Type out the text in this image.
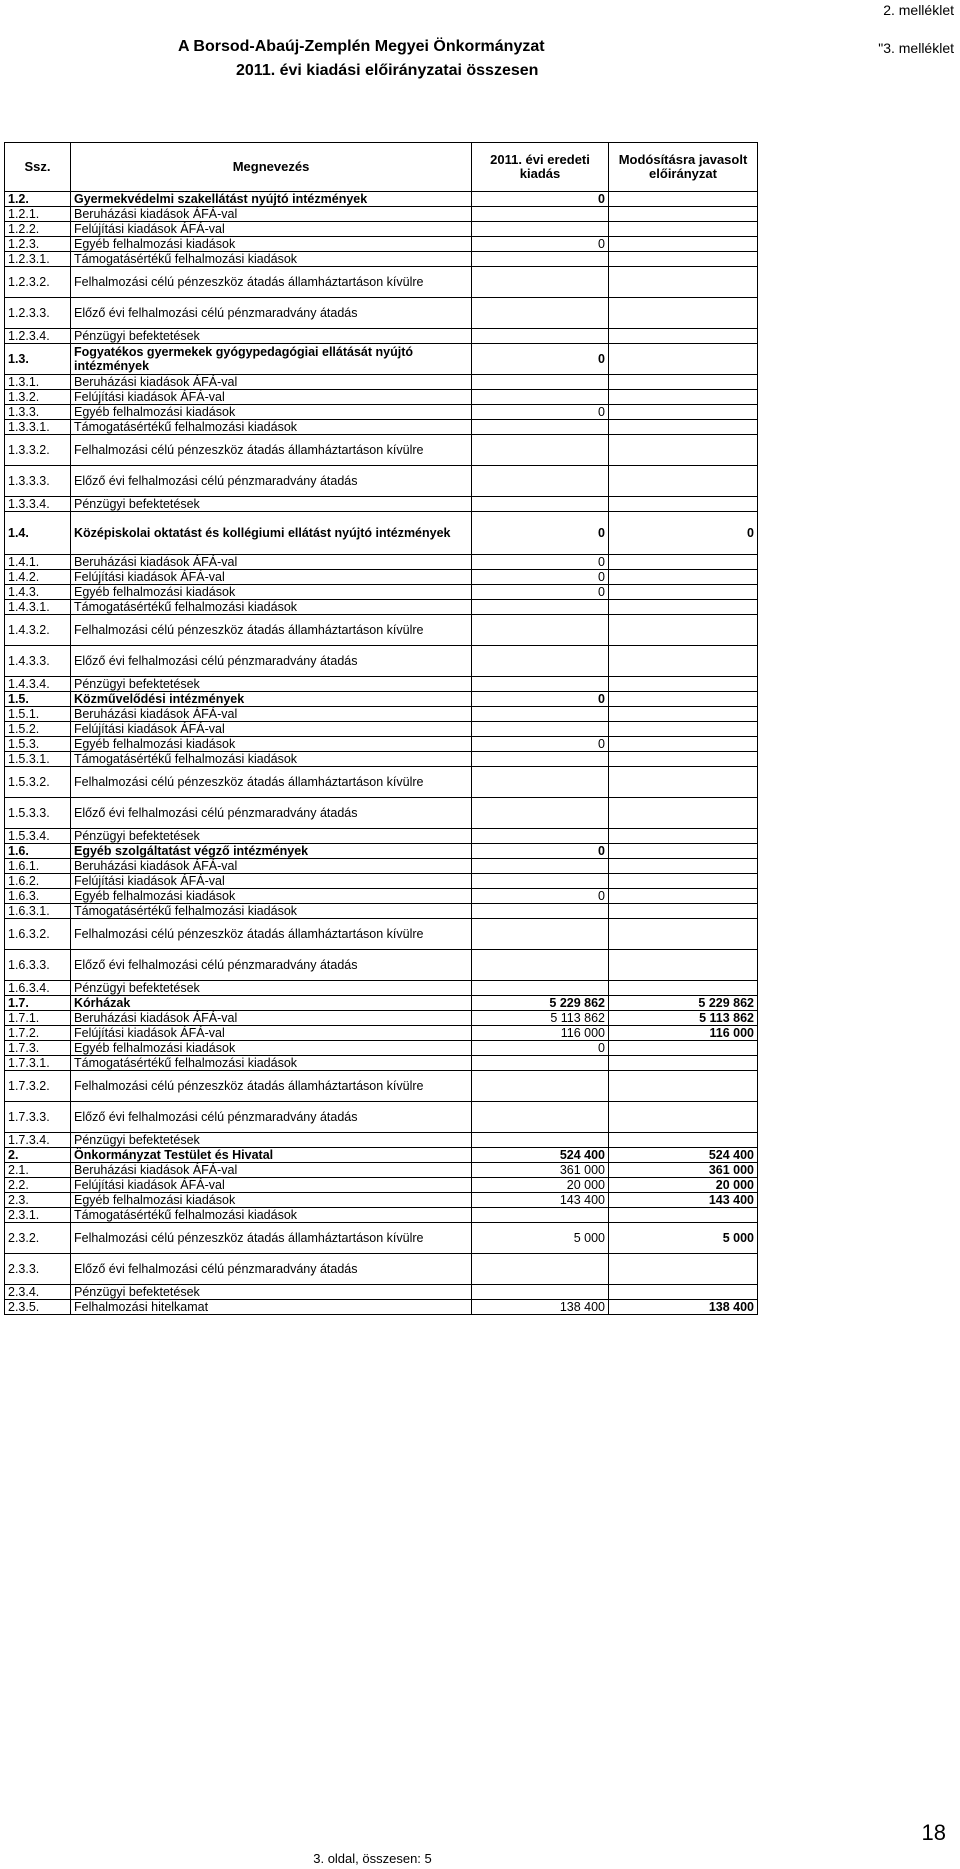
2. melléklet
"3. melléklet
A Borsod-Abaúj-Zemplén Megyei Önkormányzat
2011. évi kiadási előirányzatai összesen
Ssz.	Megnevezés	2011. évi eredeti kiadás	Modósításra javasolt előirányzat
1.2.	Gyermekvédelmi szakellátást nyújtó intézmények	0	
1.2.1.	Beruházási kiadások ÁFÁ-val		
1.2.2.	Felújítási kiadások ÁFÁ-val		
1.2.3.	Egyéb felhalmozási kiadások	0	
1.2.3.1.	Támogatásértékű felhalmozási kiadások		
1.2.3.2.	Felhalmozási célú pénzeszköz átadás államháztartáson kívülre		
1.2.3.3.	Előző évi felhalmozási célú pénzmaradvány átadás		
1.2.3.4.	Pénzügyi befektetések		
1.3.	Fogyatékos gyermekek gyógypedagógiai ellátását nyújtó intézmények	0	
1.3.1.	Beruházási kiadások ÁFÁ-val		
1.3.2.	Felújítási kiadások ÁFÁ-val		
1.3.3.	Egyéb felhalmozási kiadások	0	
1.3.3.1.	Támogatásértékű felhalmozási kiadások		
1.3.3.2.	Felhalmozási célú pénzeszköz átadás államháztartáson kívülre		
1.3.3.3.	Előző évi felhalmozási célú pénzmaradvány átadás		
1.3.3.4.	Pénzügyi befektetések		
1.4.	Középiskolai oktatást és kollégiumi ellátást nyújtó intézmények	0	0
1.4.1.	Beruházási kiadások ÁFÁ-val	0	
1.4.2.	Felújítási kiadások ÁFÁ-val	0	
1.4.3.	Egyéb felhalmozási kiadások	0	
1.4.3.1.	Támogatásértékű felhalmozási kiadások		
1.4.3.2.	Felhalmozási célú pénzeszköz átadás államháztartáson kívülre		
1.4.3.3.	Előző évi felhalmozási célú pénzmaradvány átadás		
1.4.3.4.	Pénzügyi befektetések		
1.5.	Közművelődési intézmények	0	
1.5.1.	Beruházási kiadások ÁFÁ-val		
1.5.2.	Felújítási kiadások ÁFÁ-val		
1.5.3.	Egyéb felhalmozási kiadások	0	
1.5.3.1.	Támogatásértékű felhalmozási kiadások		
1.5.3.2.	Felhalmozási célú pénzeszköz átadás államháztartáson kívülre		
1.5.3.3.	Előző évi felhalmozási célú pénzmaradvány átadás		
1.5.3.4.	Pénzügyi befektetések		
1.6.	Egyéb szolgáltatást végző intézmények	0	
1.6.1.	Beruházási kiadások ÁFÁ-val		
1.6.2.	Felújítási kiadások ÁFÁ-val		
1.6.3.	Egyéb felhalmozási kiadások	0	
1.6.3.1.	Támogatásértékű felhalmozási kiadások		
1.6.3.2.	Felhalmozási célú pénzeszköz átadás államháztartáson kívülre		
1.6.3.3.	Előző évi felhalmozási célú pénzmaradvány átadás		
1.6.3.4.	Pénzügyi befektetések		
1.7.	Kórházak	5 229 862	5 229 862
1.7.1.	Beruházási kiadások ÁFÁ-val	5 113 862	5 113 862
1.7.2.	Felújítási kiadások ÁFÁ-val	116 000	116 000
1.7.3.	Egyéb felhalmozási kiadások	0	
1.7.3.1.	Támogatásértékű felhalmozási kiadások		
1.7.3.2.	Felhalmozási célú pénzeszköz átadás államháztartáson kívülre		
1.7.3.3.	Előző évi felhalmozási célú pénzmaradvány átadás		
1.7.3.4.	Pénzügyi befektetések		
2.	Önkormányzat Testület és Hivatal	524 400	524 400
2.1.	Beruházási kiadások ÁFÁ-val	361 000	361 000
2.2.	Felújítási kiadások ÁFÁ-val	20 000	20 000
2.3.	Egyéb felhalmozási kiadások	143 400	143 400
2.3.1.	Támogatásértékű felhalmozási kiadások		
2.3.2.	Felhalmozási célú pénzeszköz átadás államháztartáson kívülre	5 000	5 000
2.3.3.	Előző évi felhalmozási célú pénzmaradvány átadás		
2.3.4.	Pénzügyi befektetések		
2.3.5.	Felhalmozási hitelkamat	138 400	138 400
18
3. oldal, összesen: 5
